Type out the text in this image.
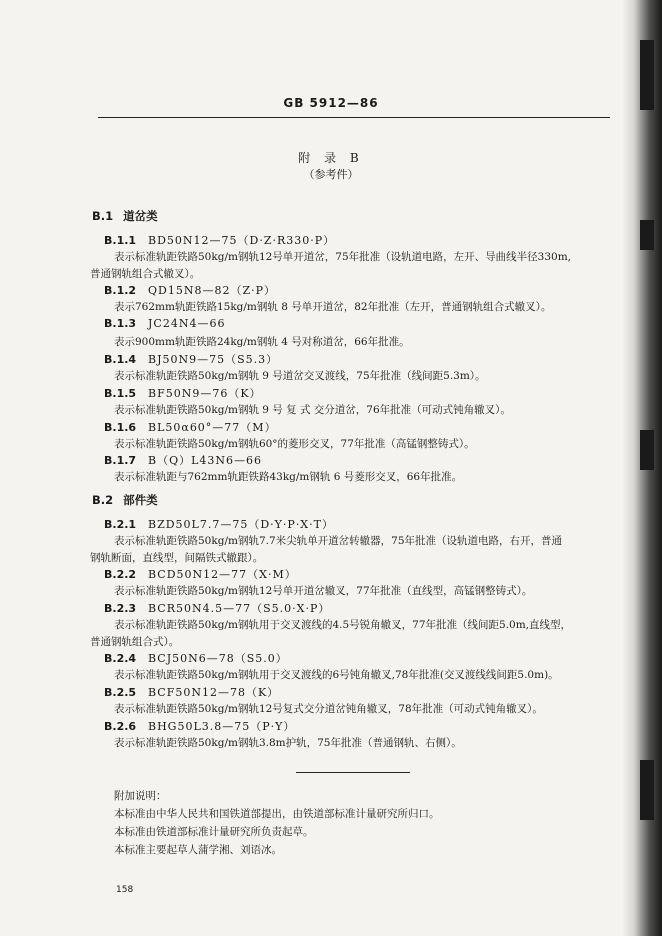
GB 5912—86
附 录 B
（参考件）
B.1 道岔类
B.1.1 BD50N12—75（D·Z·R330·P）
表示标准轨距铁路50kg/m钢轨12号单开道岔，75年批准（设轨道电路，左开、导曲线半径330m,
普通钢轨组合式辙叉）。
B.1.2 QD15N8—82（Z·P）
表示762mm轨距铁路15kg/m钢轨 8 号单开道岔，82年批准（左开，普通钢轨组合式辙叉）。
B.1.3 JC24N4—66
表示900mm轨距铁路24kg/m钢轨 4 号对称道岔，66年批准。
B.1.4 BJ50N9—75（S5.3）
表示标准轨距铁路50kg/m钢轨 9 号道岔交叉渡线，75年批准（线间距5.3m）。
B.1.5 BF50N9—76（K）
表示标准轨距铁路50kg/m钢轨 9 号 复 式 交分道岔，76年批准（可动式钝角辙叉）。
B.1.6 BL50α60°—77（M）
表示标准轨距铁路50kg/m钢轨60°的菱形交叉，77年批准（高锰钢整铸式）。
B.1.7 B（Q）L43N6—66
表示标准轨距与762mm轨距铁路43kg/m钢轨 6 号菱形交叉，66年批准。
B.2 部件类
B.2.1 BZD50L7.7—75（D·Y·P·X·T）
表示标准轨距铁路50kg/m钢轨7.7米尖轨单开道岔转辙器，75年批准（设轨道电路，右开，普通
钢轨断面，直线型，间隔铁式辙跟）。
B.2.2 BCD50N12—77（X·M）
表示标准轨距铁路50kg/m钢轨12号单开道岔辙叉，77年批准（直线型，高锰钢整铸式）。
B.2.3 BCR50N4.5—77（S5.0·X·P）
表示标准轨距铁路50kg/m钢轨用于交叉渡线的4.5号锐角辙叉，77年批准（线间距5.0m,直线型，
普通钢轨组合式）。
B.2.4 BCJ50N6—78（S5.0）
表示标准轨距铁路50kg/m钢轨用于交叉渡线的6号钝角辙叉,78年批准(交叉渡线线间距5.0m)。
B.2.5 BCF50N12—78（K）
表示标准轨距铁路50kg/m钢轨12号复式交分道岔钝角辙叉，78年批准（可动式钝角辙叉）。
B.2.6 BHG50L3.8—75（P·Y）
表示标准轨距铁路50kg/m钢轨3.8m护轨，75年批准（普通钢轨、右侧）。
附加说明：
本标准由中华人民共和国铁道部提出，由铁道部标准计量研究所归口。
本标准由铁道部标准计量研究所负责起草。
本标准主要起草人蒲学湘、刘语冰。
158
